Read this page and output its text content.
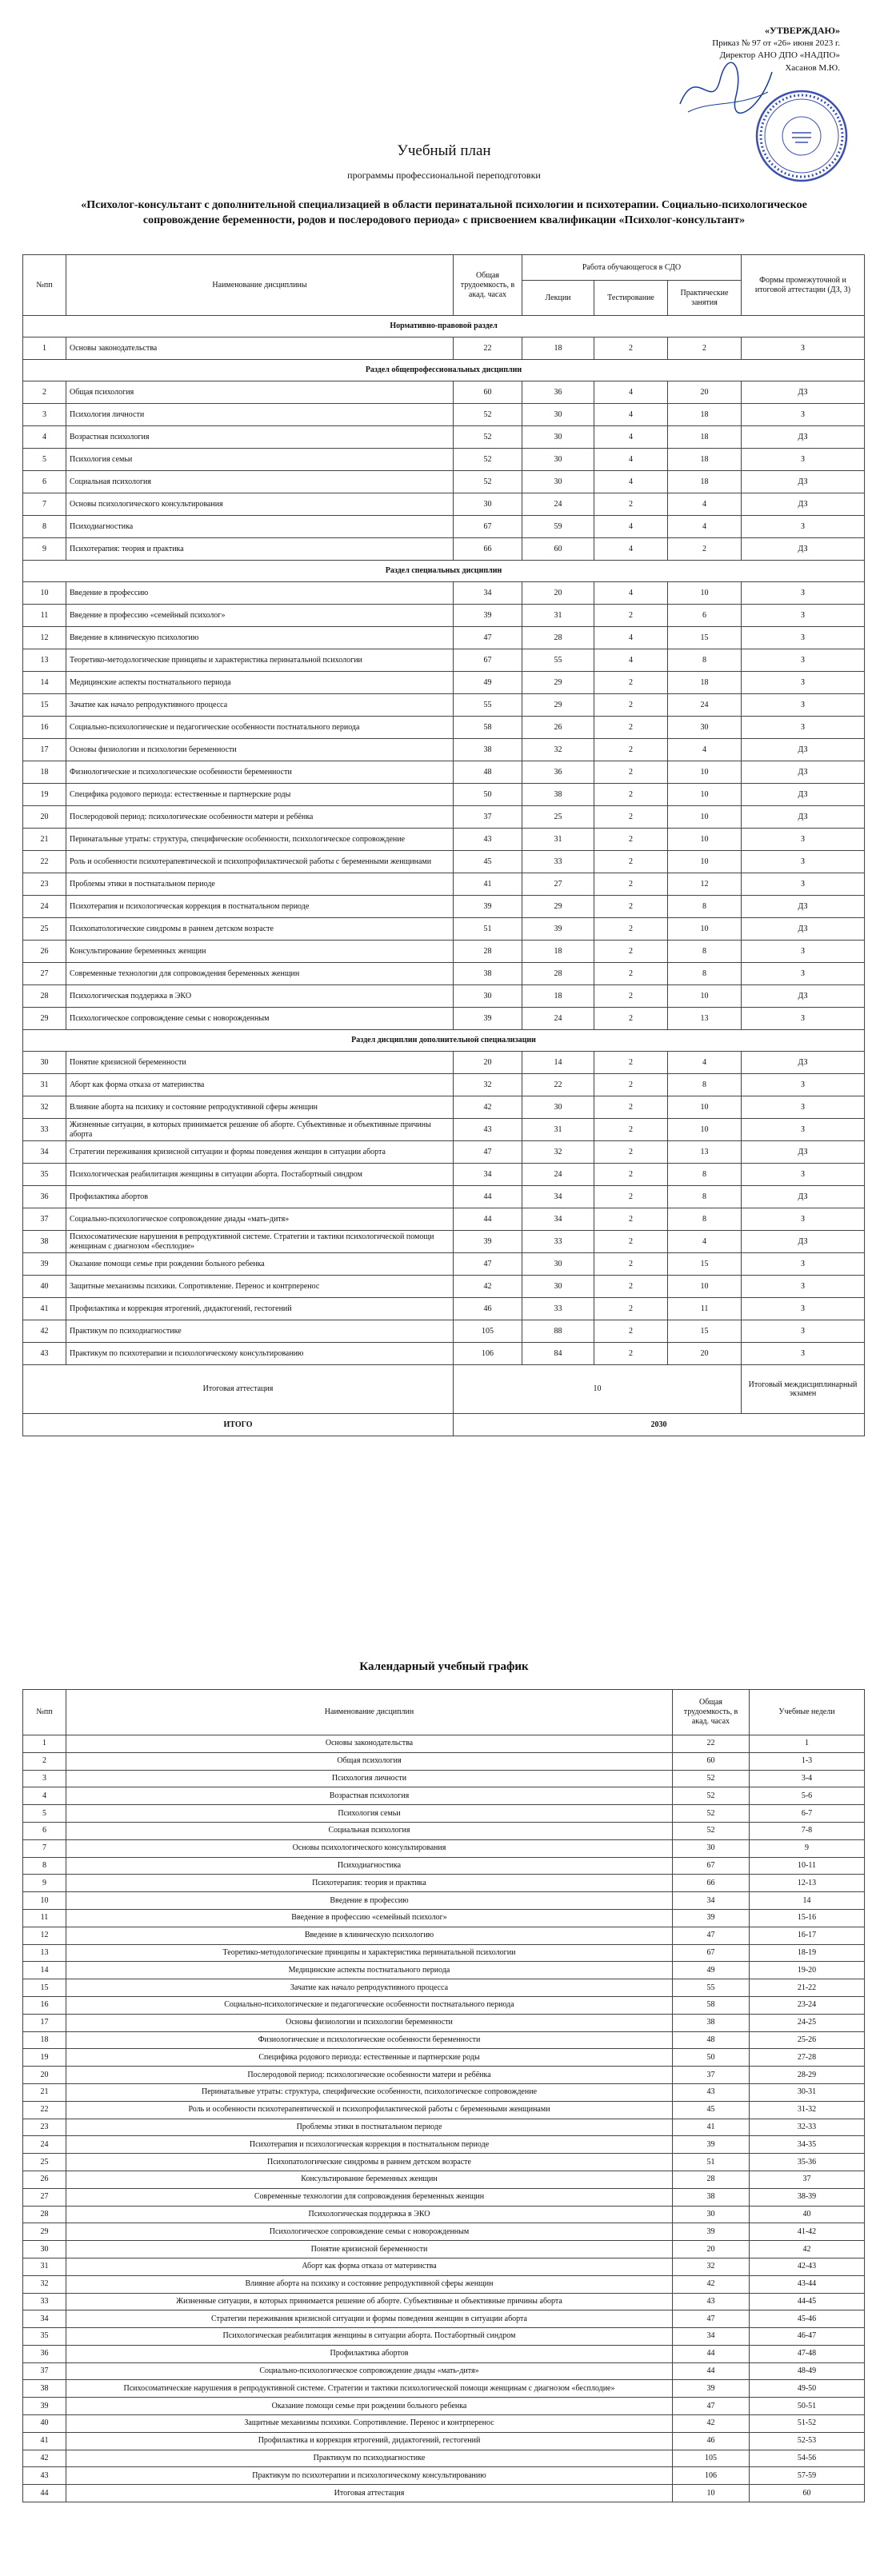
«УТВЕРЖДАЮ»
Приказ № 97 от «26» июня 2023 г.
Директор АНО ДПО «НАДПО»
Хасанов М.Ю.
Учебный план
программы профессиональной переподготовки
«Психолог-консультант с дополнительной специализацией в области перинатальной психологии и психотерапии. Социально-психологическое сопровождение беременности, родов и послеродового периода» с присвоением квалификации «Психолог-консультант»
№пп	Наименование дисциплины	Общая трудоемкость, в акад. часах	Работа обучающегося в СДО			Формы промежуточной и итоговой аттестации (ДЗ, З)
			Лекции	Тестирование	Практические занятия	
Нормативно-правовой раздел						
1	Основы законодательства	22	18	2	2	З
Раздел общепрофессиональных дисциплин						
2	Общая психология	60	36	4	20	ДЗ
3	Психология личности	52	30	4	18	З
4	Возрастная психология	52	30	4	18	ДЗ
5	Психология семьи	52	30	4	18	З
6	Социальная психология	52	30	4	18	ДЗ
7	Основы психологического консультирования	30	24	2	4	ДЗ
8	Психодиагностика	67	59	4	4	З
9	Психотерапия: теория и практика	66	60	4	2	ДЗ
Раздел специальных дисциплин						
10	Введение в профессию	34	20	4	10	З
11	Введение в профессию «семейный психолог»	39	31	2	6	З
12	Введение в клиническую психологию	47	28	4	15	З
13	Теоретико-методологические принципы и характеристика перинатальной психологии	67	55	4	8	З
14	Медицинские аспекты постнатального периода	49	29	2	18	З
15	Зачатие как начало репродуктивного процесса	55	29	2	24	З
16	Социально-психологические и педагогические особенности постнатального периода	58	26	2	30	З
17	Основы физиологии и психологии беременности	38	32	2	4	ДЗ
18	Физиологические и психологические особенности беременности	48	36	2	10	ДЗ
19	Специфика родового периода: естественные и партнерские роды	50	38	2	10	ДЗ
20	Послеродовой период: психологические особенности матери и ребёнка	37	25	2	10	ДЗ
21	Перинатальные утраты: структура, специфические особенности, психологическое сопровождение	43	31	2	10	З
22	Роль и особенности психотерапевтической и психопрофилактической работы с беременными женщинами	45	33	2	10	З
23	Проблемы этики в постнатальном периоде	41	27	2	12	З
24	Психотерапия и психологическая коррекция в постнатальном периоде	39	29	2	8	ДЗ
25	Психопатологические синдромы в раннем детском возрасте	51	39	2	10	ДЗ
26	Консультирование беременных женщин	28	18	2	8	З
27	Современные технологии для сопровождения беременных женщин	38	28	2	8	З
28	Психологическая поддержка в ЭКО	30	18	2	10	ДЗ
29	Психологическое сопровождение семьи с новорожденным	39	24	2	13	З
Раздел дисциплин дополнительной специализации						
30	Понятие кризисной беременности	20	14	2	4	ДЗ
31	Аборт как форма отказа от материнства	32	22	2	8	З
32	Влияние аборта на психику и состояние репродуктивной сферы женщин	42	30	2	10	З
33	Жизненные ситуации, в которых принимается решение об аборте. Субъективные и объективные причины аборта	43	31	2	10	З
34	Стратегии переживания кризисной ситуации и формы поведения женщин в ситуации аборта	47	32	2	13	ДЗ
35	Психологическая реабилитация женщины в ситуации аборта. Постабортный синдром	34	24	2	8	З
36	Профилактика абортов	44	34	2	8	ДЗ
37	Социально-психологическое сопровождение диады «мать-дитя»	44	34	2	8	З
38	Психосоматические нарушения в репродуктивной системе. Стратегии и тактики психологической помощи женщинам с диагнозом «бесплодие»	39	33	2	4	ДЗ
39	Оказание помощи семье при рождении больного ребенка	47	30	2	15	З
40	Защитные механизмы психики. Сопротивление. Перенос и контрперенос	42	30	2	10	З
41	Профилактика и коррекция ятрогений, дидактогений, гестогений	46	33	2	11	З
42	Практикум по психодиагностике	105	88	2	15	З
43	Практикум по психотерапии и психологическому консультированию	106	84	2	20	З
Итоговая аттестация		10				Итоговый междисциплинарный экзамен
ИТОГО		2030				
Календарный учебный график
№пп	Наименование дисциплин	Общая трудоемкость, в акад. часах	Учебные недели
1	Основы законодательства	22	1
2	Общая психология	60	1-3
3	Психология личности	52	3-4
4	Возрастная психология	52	5-6
5	Психология семьи	52	6-7
6	Социальная психология	52	7-8
7	Основы психологического консультирования	30	9
8	Психодиагностика	67	10-11
9	Психотерапия: теория и практика	66	12-13
10	Введение в профессию	34	14
11	Введение в профессию «семейный психолог»	39	15-16
12	Введение в клиническую психологию	47	16-17
13	Теоретико-методологические принципы и характеристика перинатальной психологии	67	18-19
14	Медицинские аспекты постнатального периода	49	19-20
15	Зачатие как начало репродуктивного процесса	55	21-22
16	Социально-психологические и педагогические особенности постнатального периода	58	23-24
17	Основы физиологии и психологии беременности	38	24-25
18	Физиологические и психологические особенности беременности	48	25-26
19	Специфика родового периода: естественные и партнерские роды	50	27-28
20	Послеродовой период: психологические особенности матери и ребёнка	37	28-29
21	Перинатальные утраты: структура, специфические особенности, психологическое сопровождение	43	30-31
22	Роль и особенности психотерапевтической и психопрофилактической работы с беременными женщинами	45	31-32
23	Проблемы этики в постнатальном периоде	41	32-33
24	Психотерапия и психологическая коррекция в постнатальном периоде	39	34-35
25	Психопатологические синдромы в раннем детском возрасте	51	35-36
26	Консультирование беременных женщин	28	37
27	Современные технологии для сопровождения беременных женщин	38	38-39
28	Психологическая поддержка в ЭКО	30	40
29	Психологическое сопровождение семьи с новорожденным	39	41-42
30	Понятие кризисной беременности	20	42
31	Аборт как форма отказа от материнства	32	42-43
32	Влияние аборта на психику и состояние репродуктивной сферы женщин	42	43-44
33	Жизненные ситуации, в которых принимается решение об аборте. Субъективные и объективные причины аборта	43	44-45
34	Стратегии переживания кризисной ситуации и формы поведения женщин в ситуации аборта	47	45-46
35	Психологическая реабилитация женщины в ситуации аборта. Постабортный синдром	34	46-47
36	Профилактика абортов	44	47-48
37	Социально-психологическое сопровождение диады «мать-дитя»	44	48-49
38	Психосоматические нарушения в репродуктивной системе. Стратегии и тактики психологической помощи женщинам с диагнозом «бесплодие»	39	49-50
39	Оказание помощи семье при рождении больного ребенка	47	50-51
40	Защитные механизмы психики. Сопротивление. Перенос и контрперенос	42	51-52
41	Профилактика и коррекция ятрогений, дидактогений, гестогений	46	52-53
42	Практикум по психодиагностике	105	54-56
43	Практикум по психотерапии и психологическому консультированию	106	57-59
44	Итоговая аттестация	10	60
